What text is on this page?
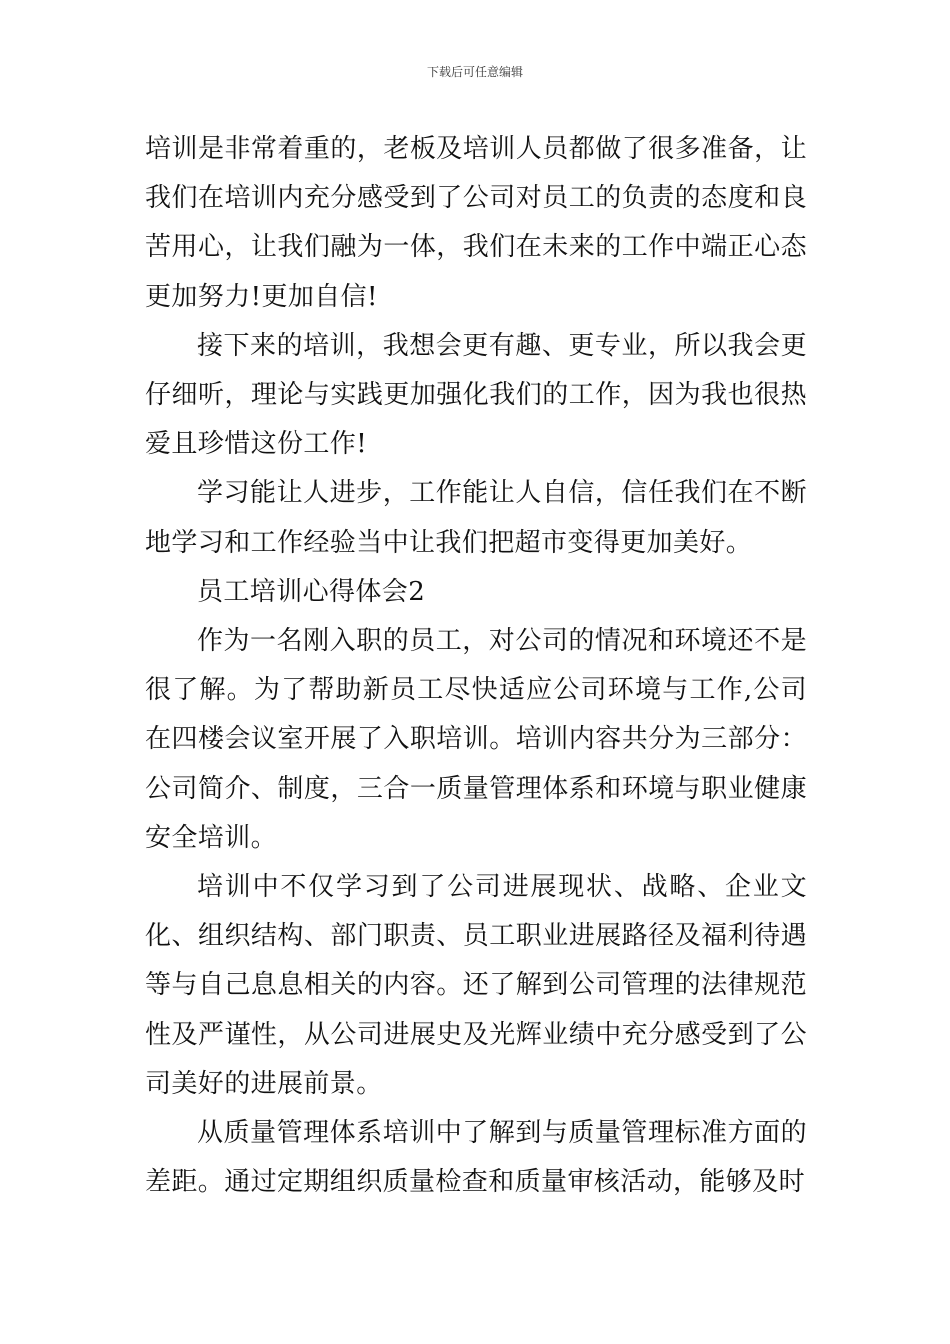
下载后可任意编辑

培训是非常着重的，老板及培训人员都做了很多准备，让我们在培训内充分感受到了公司对员工的负责的态度和良苦用心，让我们融为一体，我们在未来的工作中端正心态更加努力!更加自信!

接下来的培训，我想会更有趣、更专业，所以我会更仔细听，理论与实践更加强化我们的工作，因为我也很热爱且珍惜这份工作!

学习能让人进步，工作能让人自信，信任我们在不断地学习和工作经验当中让我们把超市变得更加美好。

员工培训心得体会2

作为一名刚入职的员工，对公司的情况和环境还不是很了解。为了帮助新员工尽快适应公司环境与工作,公司在四楼会议室开展了入职培训。培训内容共分为三部分：公司简介、制度，三合一质量管理体系和环境与职业健康安全培训。

培训中不仅学习到了公司进展现状、战略、企业文化、组织结构、部门职责、员工职业进展路径及福利待遇等与自己息息相关的内容。还了解到公司管理的法律规范性及严谨性，从公司进展史及光辉业绩中充分感受到了公司美好的进展前景。

从质量管理体系培训中了解到与质量管理标准方面的差距。通过定期组织质量检查和质量审核活动，能够及时
